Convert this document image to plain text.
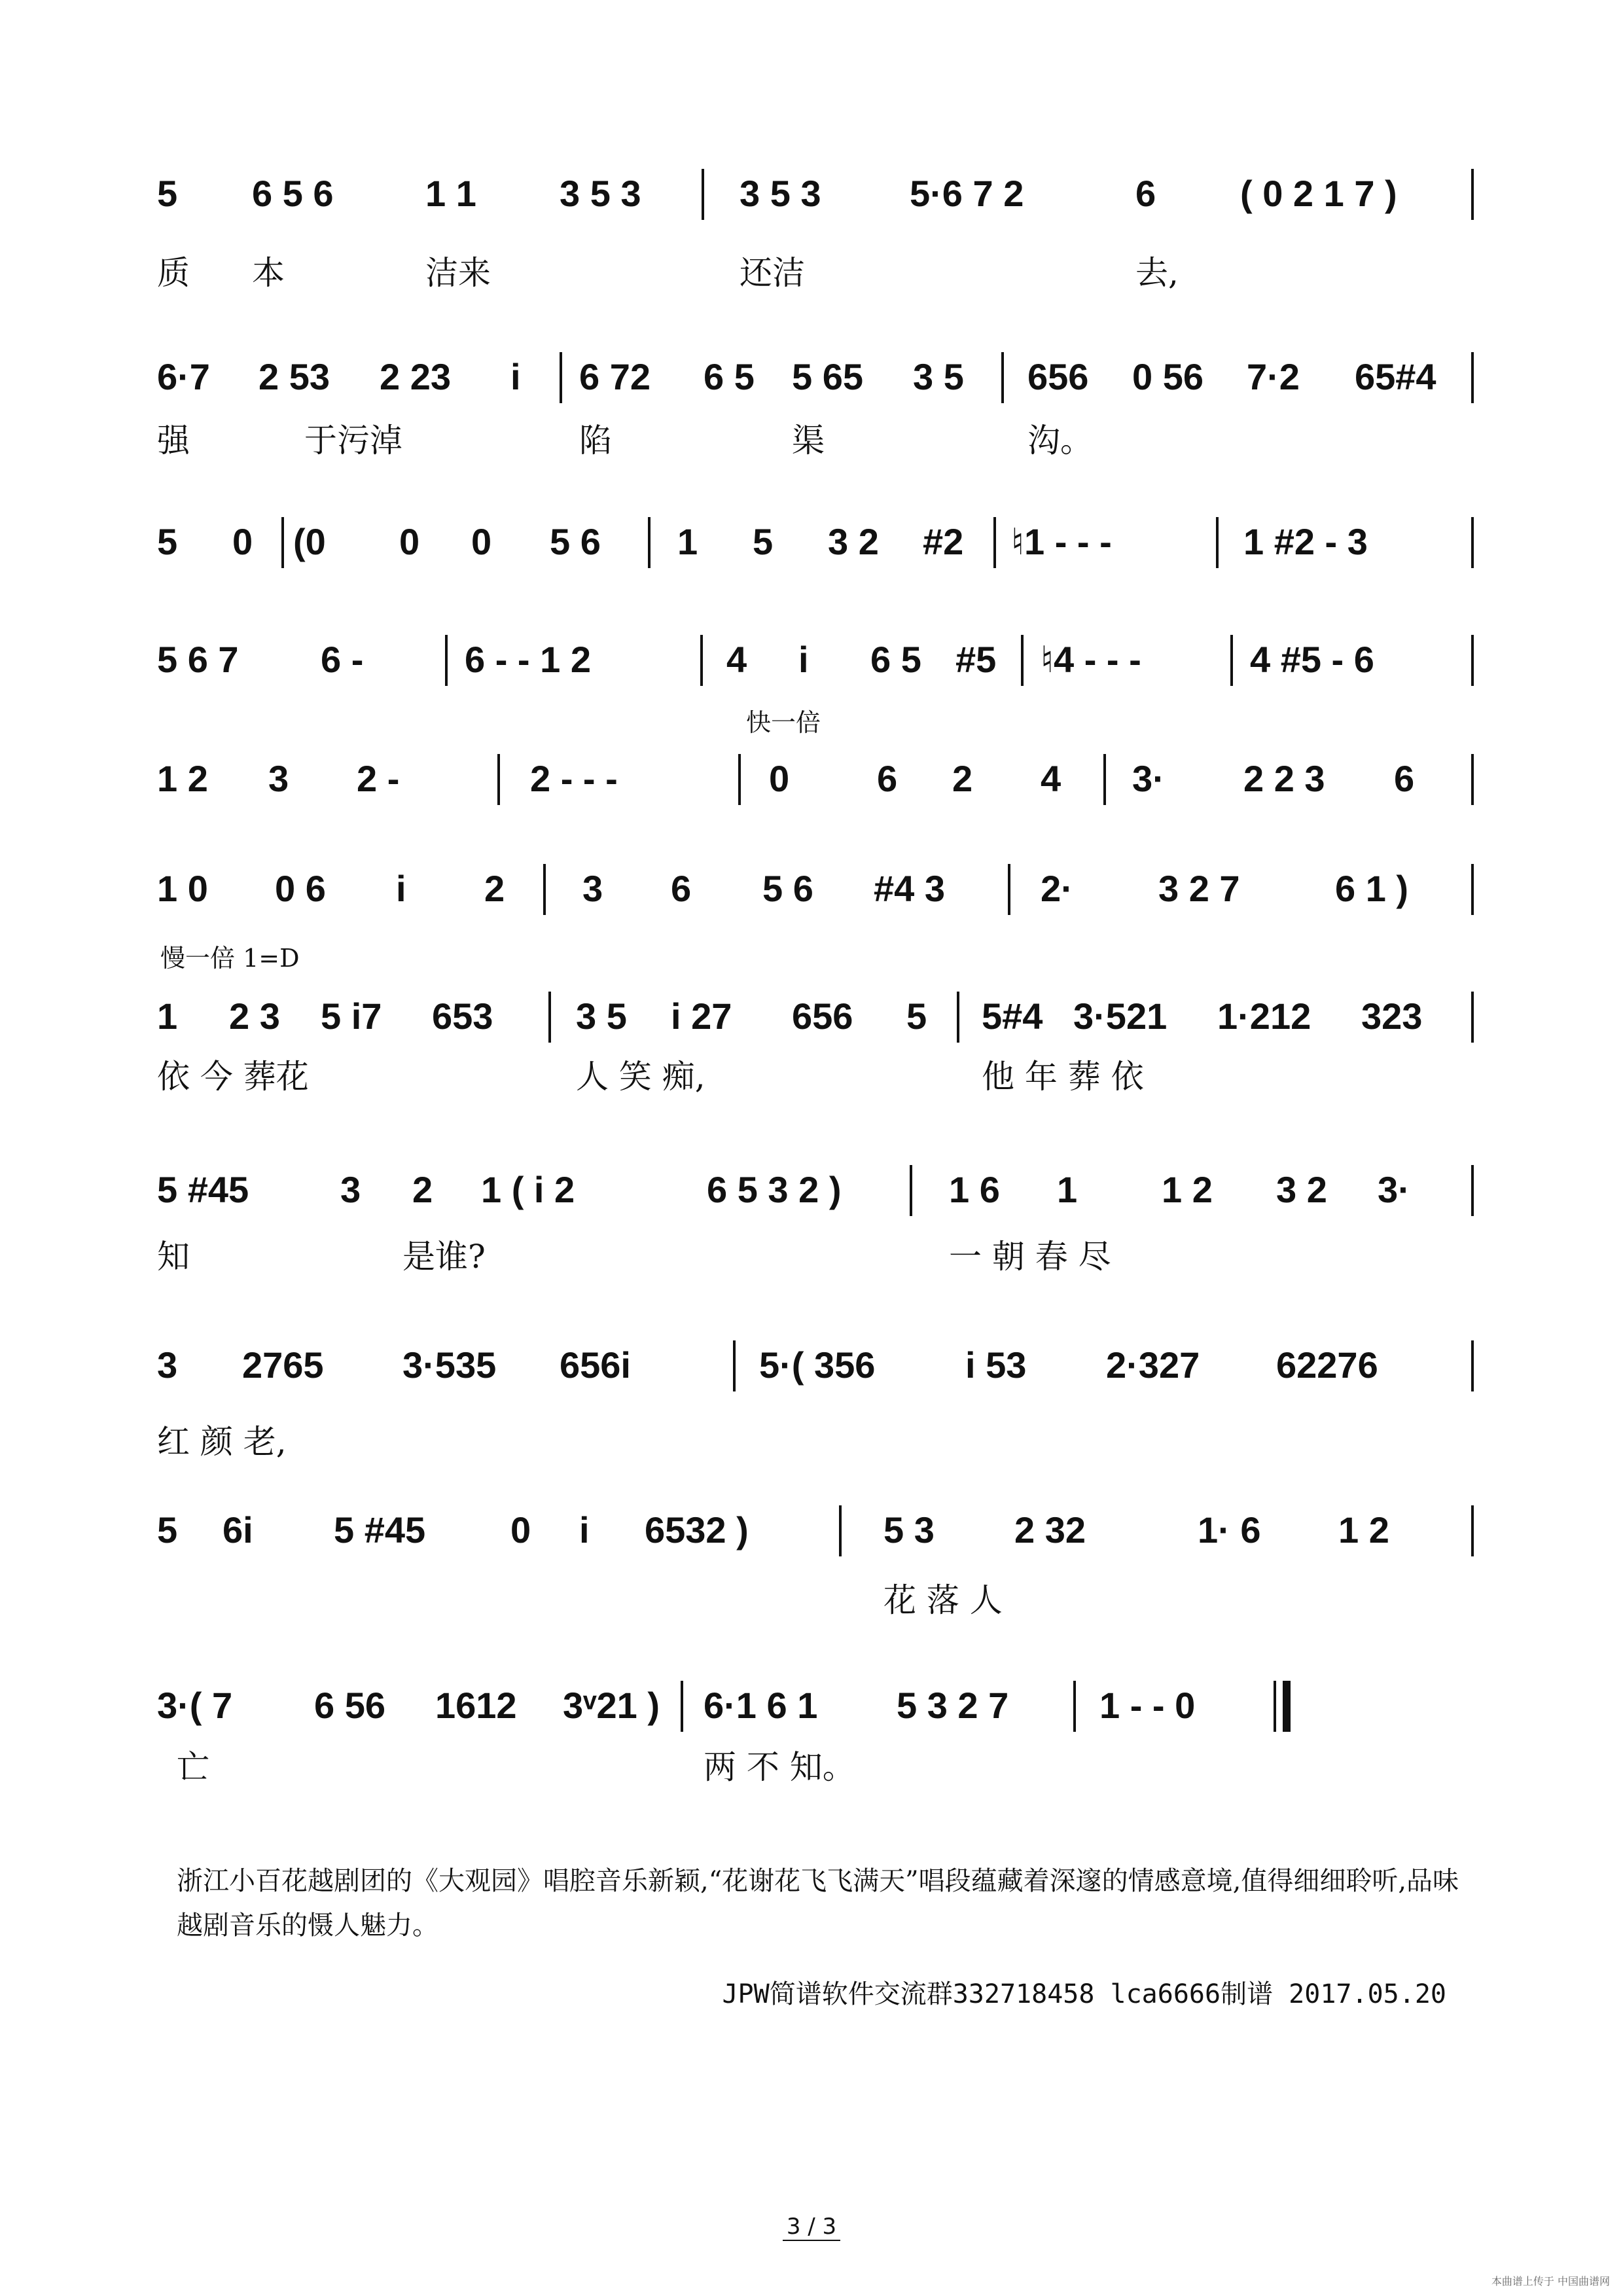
5 6 5 6	1 1 3 5 3	3 5 3 5·6 7 2	6 ( 0 2 1 7 )
质 本	洁来	还洁	去,
6·7 2 53 2 23 i 6 72 6 5 5 65 3 5 656 0 56 7·2 65#4
强	于污淖	陷	渠	沟。
5 0 (0 0 0 5 6 1 5 3 2 #2 ♮1 - - -	1 #2 - 3
5 6 7 6 -	6 - - 1 2	4 i 6 5 #5 ♮4 - - -	4 #5 - 6
快一倍
1 2 3 2 -	2 - - -	0 6 2 4 3· 2 2 3 6
1 0 0 6 i 2 3 6 5 6 #4 3	2· 3 2 7	6 1 )
慢一倍 1=D
1 2 3 5 i7 653 3 5 i 27 656 5 5#4 3·521 1·212 323
依 今 葬花	人 笑 痴,	他 年 葬 依
5 #45 3 2 1 ( i 2	6 5 3 2 )	1 6 1 1 2 3 2 3·
知	是谁?	一 朝 春 尽
3 2765 3·535 656i	5·( 356 i 53 2·327 62276
红 颜 老,
5 6i 5 #45 0 i 6532 )	5 3 2 32	1· 6 1 2
花 落 人
3·( 7 6 56 1612 3ᵛ21 ) 6·1 6 1 5 3 2 7 1 - - 0
亡	两 不 知。
浙江小百花越剧团的《大观园》唱腔音乐新颖,“花谢花飞飞满天”唱段蕴藏着深邃的情感意境,值得细细聆听,品味越剧音乐的慑人魅力。
JPW简谱软件交流群332718458 lca6666制谱 2017.05.20
3 / 3
本曲谱上传于 中国曲谱网
